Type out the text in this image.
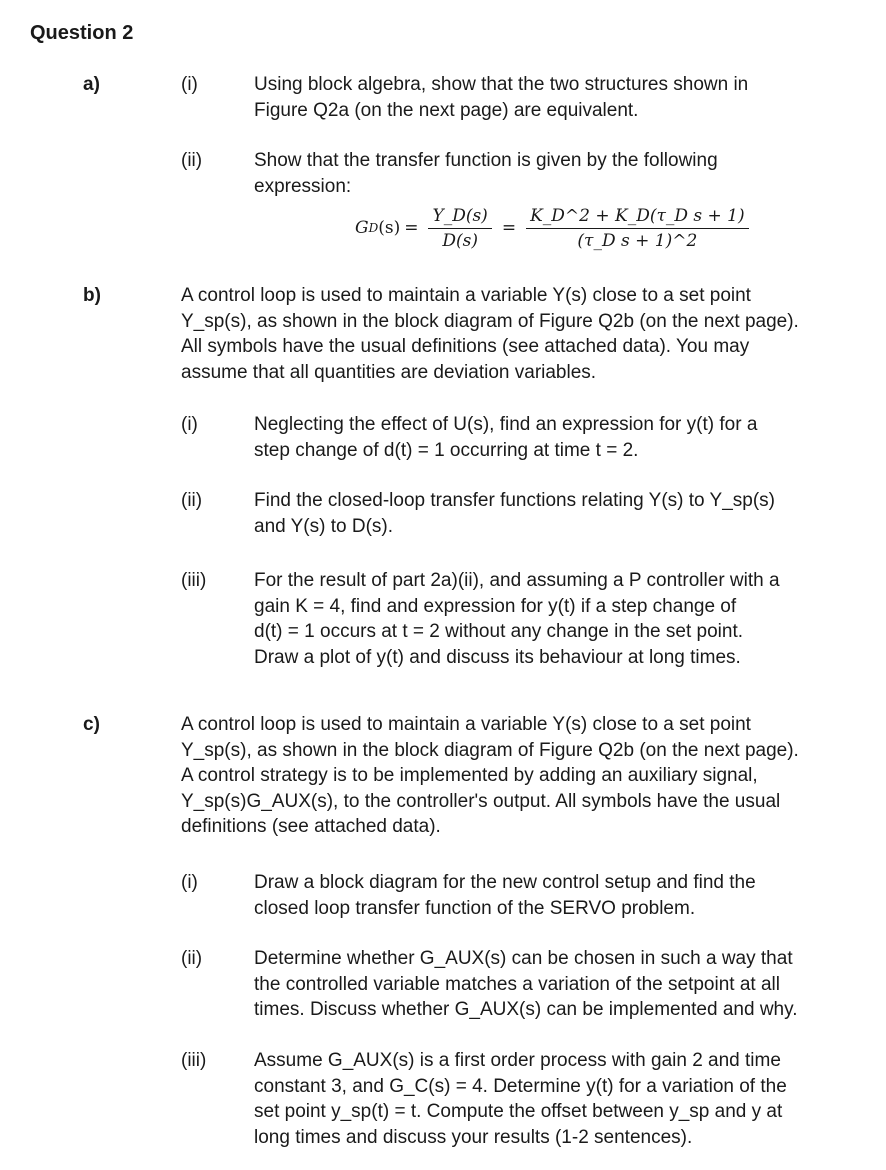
Question 2
a)	(i)	Using block algebra, show that the two structures shown in
Figure Q2a (on the next page) are equivalent.
(ii)	Show that the transfer function is given by the following
expression:
G D $(s) = \frac{Y\_D(s)}{D(s)} = \frac{\text{K\_D\textasciicircum{}2 + K\_D(τ\_D s + 1)}}{\text{(τ\_D s + 1)\textasciicircum{}2}}$
b)	A control loop is used to maintain a variable Y(s) close to a set point
Y_sp(s), as shown in the block diagram of Figure Q2b (on the next page).
All symbols have the usual definitions (see attached data). You may
assume that all quantities are deviation variables.
(i)	Neglecting the effect of U(s), find an expression for y(t) for a
step change of d(t) = 1 occurring at time t = 2.
(ii)	Find the closed-loop transfer functions relating Y(s) to Y_sp(s)
and Y(s) to D(s).
(iii)	For the result of part 2a)(ii), and assuming a P controller with a
gain K = 4, find and expression for y(t) if a step change of
d(t) = 1 occurs at t = 2 without any change in the set point.
Draw a plot of y(t) and discuss its behaviour at long times.
c)	A control loop is used to maintain a variable Y(s) close to a set point
Y_sp(s), as shown in the block diagram of Figure Q2b (on the next page).
A control strategy is to be implemented by adding an auxiliary signal,
Y_sp(s)G_AUX(s), to the controller's output. All symbols have the usual
definitions (see attached data).
(i)	Draw a block diagram for the new control setup and find the
closed loop transfer function of the SERVO problem.
(ii)	Determine whether G_AUX(s) can be chosen in such a way that
the controlled variable matches a variation of the setpoint at all
times. Discuss whether G_AUX(s) can be implemented and why.
(iii)	Assume G_AUX(s) is a first order process with gain 2 and time
constant 3, and G_C(s) = 4. Determine y(t) for a variation of the
set point y_sp(t) = t. Compute the offset between y_sp and y at
long times and discuss your results (1-2 sentences).
